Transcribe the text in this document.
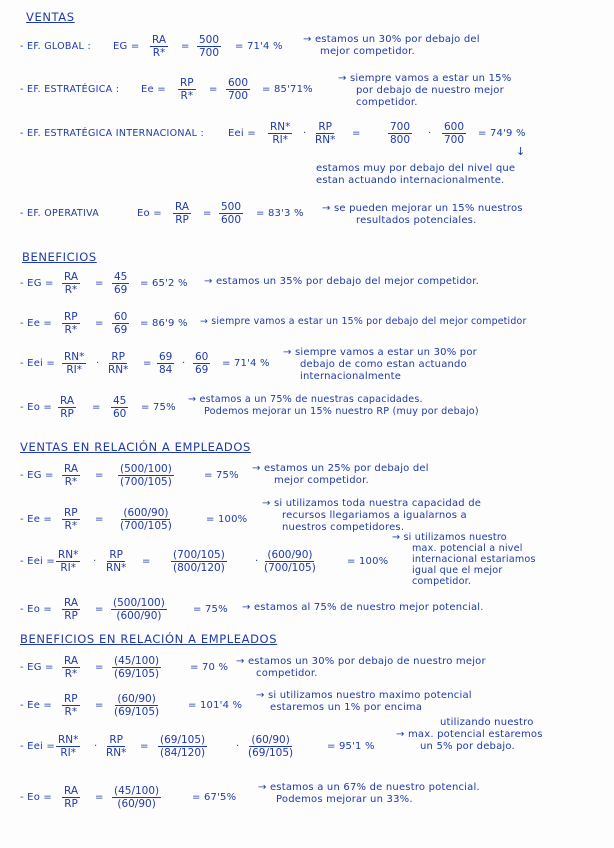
VENTAS
- EF. GLOBAL : EG = $\frac{RA}{R*} = \frac{500}{700} = 71'4$ %
→ estamos un 30% por debajo del
mejor competidor.
- EF. ESTRATÉGICA : $Ee = \frac{RP}{R*} = \frac{600}{700} = 85'71\%$
→ siempre vamos a estar un 15%
por debajo de nuestro mejor
competidor.
- EF. ESTRATÉGICA INTERNACIONAL : Eei = $\frac{RN*}{RI*} \cdot \frac{RP}{RN*}$ =	$\frac{700}{800} \cdot \frac{600}{700} = 74'9$ %
↓
estamos muy por debajo del nivel que
estan actuando internacionalmente.
- EF. OPERATIVA	$Eo = \frac{RA}{RP} = \frac{500}{600} = 83'3$ % → se pueden mejorar un 15% nuestros
resultados potenciales.
BENEFICIOS
- EG = $\frac{RA}{R*} = \frac{45}{69} = 65'2$ % → estamos un 35% por debajo del mejor competidor.
- $Ee = \frac{RP}{R*} = \frac{60}{69} = 86'9$ % → siempre vamos a estar un 15% por debajo del mejor competidor
- Eei = $\frac{RN*}{RI*} \cdot \frac{RP}{RN*} = \frac{69}{84} \cdot \frac{60}{69} = 71'4$ %
→ siempre vamos a estar un 30% por
debajo de como estan actuando
internacionalmente
- $Eo = \frac{RA}{RP} = \frac{45}{60} = 75\%$
→ estamos a un 75% de nuestras capacidades.
Podemos mejorar un 15% nuestro RP (muy por debajo)
VENTAS EN RELACIÓN A EMPLEADOS
- EG = $\frac{RA}{R*} = \frac{(500/100)}{(700/105)}$	= 75%
→ estamos un 25% por debajo del
mejor competidor.
- $Ee = \frac{RP}{R*} = \frac{(600/90)}{(700/105)}$	= 100%
→ si utilizamos toda nuestra capacidad de
recursos llegariamos a igualarnos a
nuestros competidores.
- Eei = $\frac{RN*}{RI*} \cdot \frac{RP}{RN*} = \frac{(700/105)}{(800/120)}$	· $\frac{(600/90)}{(700/105)}$	= 100%
→ si utilizamos nuestro
max. potencial a nivel
internacional estariamos
igual que el mejor
competidor.
- $Eo = \frac{RA}{RP} = \frac{(500/100)}{(600/90)}$	= 75% → estamos al 75% de nuestro mejor potencial.
BENEFICIOS EN RELACIÓN A EMPLEADOS
- EG = $\frac{RA}{R*} = \frac{(45/100)}{(69/105)}$	= 70 %
→ estamos un 30% por debajo de nuestro mejor
competidor.
- $Ee = \frac{RP}{R*} = \frac{(60/90)}{(69/105)}$	= 101'4 %
→ si utilizamos nuestro maximo potencial
estaremos un 1% por encima
- Eei = $\frac{RN*}{RI*} \cdot \frac{RP}{RN*} = \frac{(69/105)}{(84/120)}$	· $\frac{(60/90)}{(69/105)}$	= 95'1 %
utilizando nuestro
→ max. potencial estaremos
un 5% por debajo.
- $Eo = \frac{RA}{RP} = \frac{(45/100)}{(60/90)}$	= 67'5%
→ estamos a un 67% de nuestro potencial.
Podemos mejorar un 33%.
